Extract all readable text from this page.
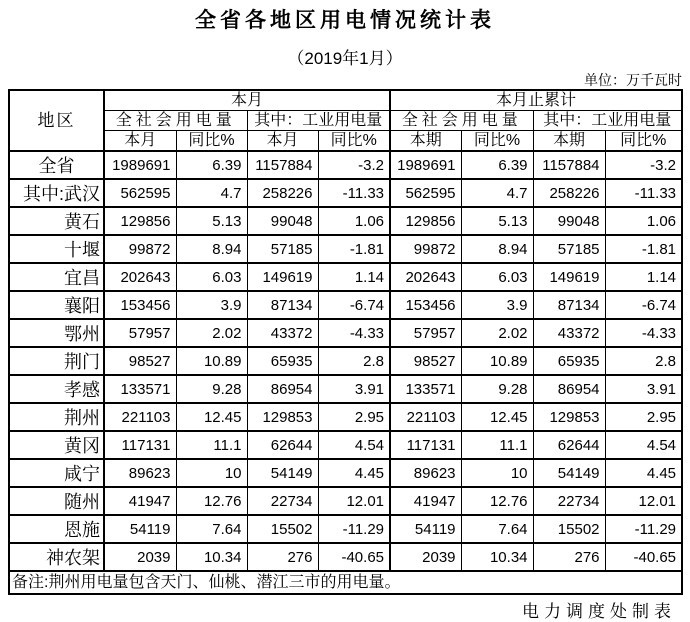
全省各地区用电情况统计表
（2019年1月）
单位：万千瓦时
地区	本月				本月止累计			
	全社会用电量		其中：工业用电量		全社会用电量		其中：工业用电量	
	本月	同比%	本月	同比%	本期	同比%	本期	同比%
全省	1989691	6.39	1157884	-3.2	1989691	6.39	1157884	-3.2
其中:武汉	562595	4.7	258226	-11.33	562595	4.7	258226	-11.33
黄石	129856	5.13	99048	1.06	129856	5.13	99048	1.06
十堰	99872	8.94	57185	-1.81	99872	8.94	57185	-1.81
宜昌	202643	6.03	149619	1.14	202643	6.03	149619	1.14
襄阳	153456	3.9	87134	-6.74	153456	3.9	87134	-6.74
鄂州	57957	2.02	43372	-4.33	57957	2.02	43372	-4.33
荆门	98527	10.89	65935	2.8	98527	10.89	65935	2.8
孝感	133571	9.28	86954	3.91	133571	9.28	86954	3.91
荆州	221103	12.45	129853	2.95	221103	12.45	129853	2.95
黄冈	117131	11.1	62644	4.54	117131	11.1	62644	4.54
咸宁	89623	10	54149	4.45	89623	10	54149	4.45
随州	41947	12.76	22734	12.01	41947	12.76	22734	12.01
恩施	54119	7.64	15502	-11.29	54119	7.64	15502	-11.29
神农架	2039	10.34	276	-40.65	2039	10.34	276	-40.65
备注:荆州用电量包含天门、仙桃、潜江三市的用电量。								
电力调度处制表
